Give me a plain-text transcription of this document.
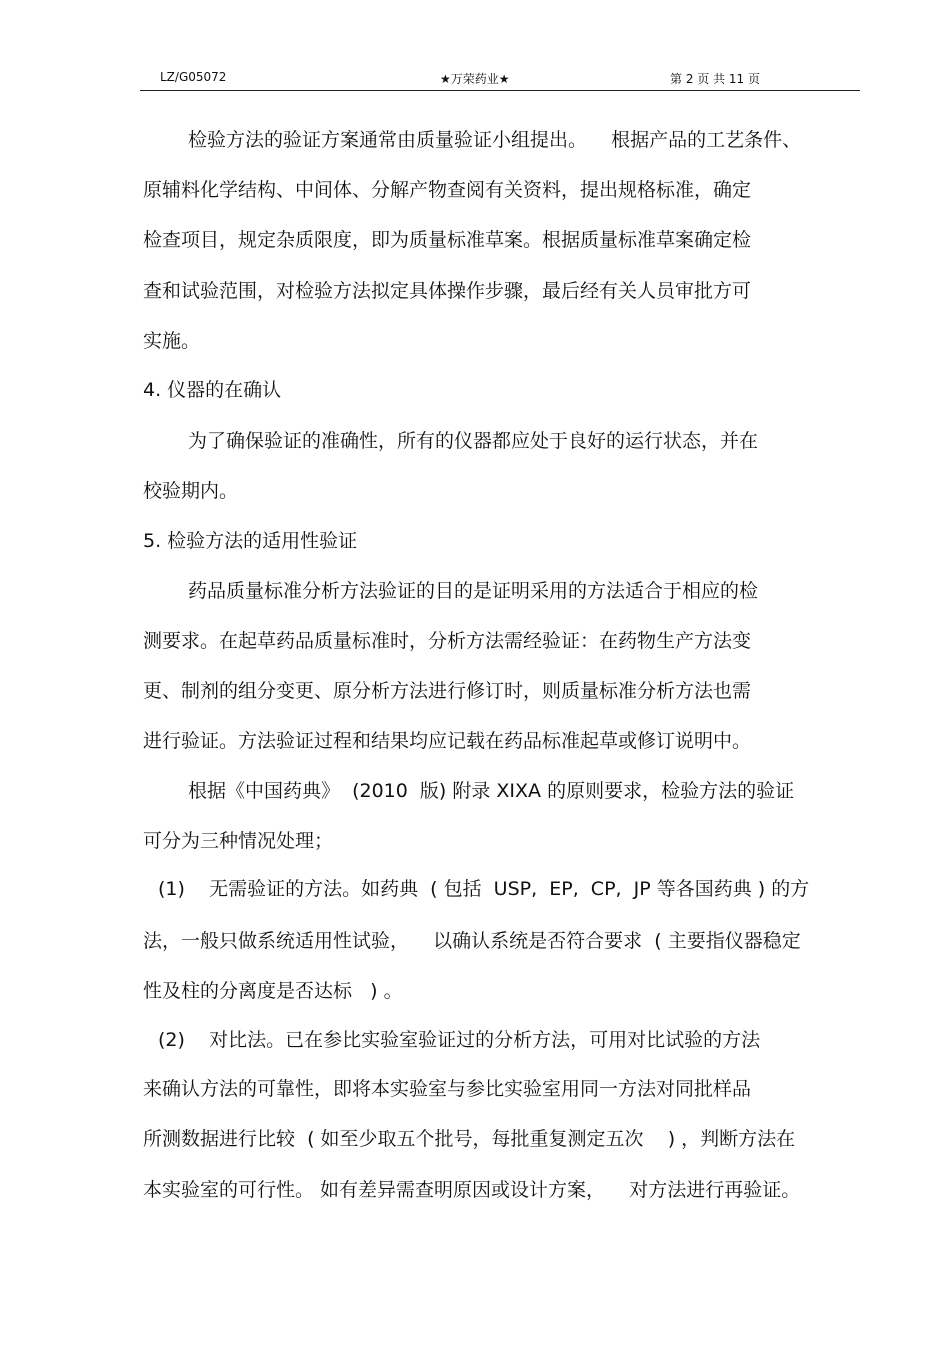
LZ/G05072	★万荣药业★	第 2 页 共 11 页
检验方法的验证方案通常由质量验证小组提出。    根据产品的工艺条件、
原辅料化学结构、中间体、分解产物查阅有关资料，提出规格标准，确定
检查项目，规定杂质限度，即为质量标准草案。根据质量标准草案确定检
查和试验范围，对检验方法拟定具体操作步骤，最后经有关人员审批方可
实施。
4. 仪器的在确认
为了确保验证的准确性，所有的仪器都应处于良好的运行状态，并在
校验期内。
5. 检验方法的适用性验证
药品质量标准分析方法验证的目的是证明采用的方法适合于相应的检
测要求。在起草药品质量标准时，分析方法需经验证：在药物生产方法变
更、制剂的组分变更、原分析方法进行修订时，则质量标准分析方法也需
进行验证。方法验证过程和结果均应记载在药品标准起草或修订说明中。
根据《中国药典》  (2010  版) 附录 XIXA 的原则要求，检验方法的验证
可分为三种情况处理；
(1)    无需验证的方法。如药典  ( 包括  USP,  EP,  CP,  JP 等各国药典 ) 的方
法，一般只做系统适用性试验，    以确认系统是否符合要求  ( 主要指仪器稳定
性及柱的分离度是否达标   ) 。
(2)    对比法。已在参比实验室验证过的分析方法，可用对比试验的方法
来确认方法的可靠性，即将本实验室与参比实验室用同一方法对同批样品
所测数据进行比较  ( 如至少取五个批号，每批重复测定五次    ) ，判断方法在
本实验室的可行性。 如有差异需查明原因或设计方案，    对方法进行再验证。
